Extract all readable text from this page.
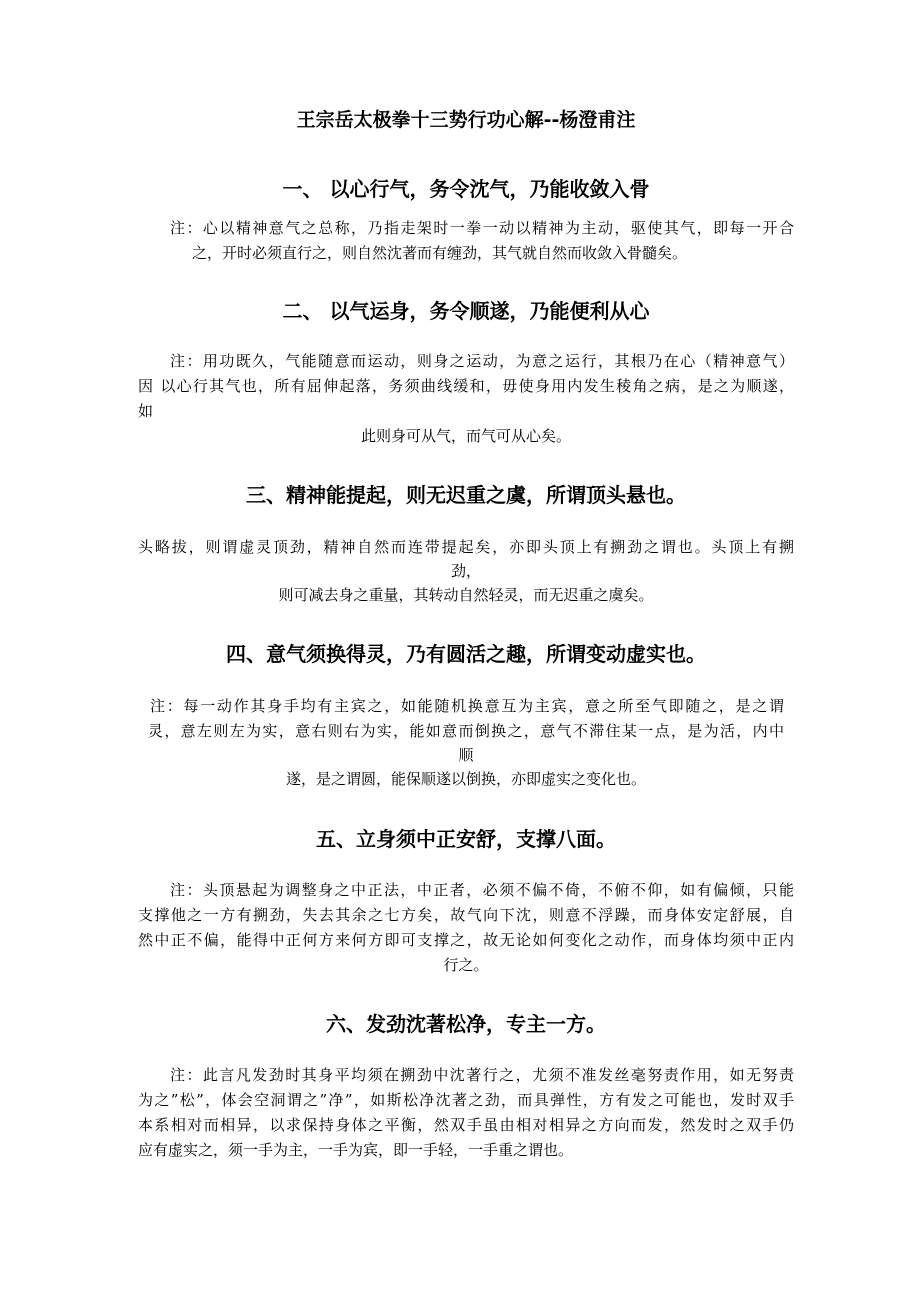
王宗岳太极拳十三势行功心解--杨澄甫注
一、 以心行气，务令沈气，乃能收敛入骨
注：心以精神意气之总称，乃指走架时一拳一动以精神为主动，驱使其气，即每一开合
之，开时必须直行之，则自然沈著而有缠劲，其气就自然而收敛入骨髓矣。
二、 以气运身，务令顺遂，乃能便利从心
注：用功既久，气能随意而运动，则身之运动，为意之运行，其根乃在心（精神意气）
因 以心行其气也，所有屈伸起落，务须曲线缓和，毋使身用内发生稜角之病，是之为顺遂，
如
此则身可从气，而气可从心矣。
三、精神能提起，则无迟重之虞，所谓顶头悬也。
头略拔，则谓虚灵顶劲，精神自然而连带提起矣，亦即头顶上有搠劲之谓也。头顶上有搠
劲，
则可减去身之重量，其转动自然轻灵，而无迟重之虞矣。
四、意气须换得灵，乃有圆活之趣，所谓变动虚实也。
注：每一动作其身手均有主宾之，如能随机换意互为主宾，意之所至气即随之，是之谓
灵，意左则左为实，意右则右为实，能如意而倒换之，意气不滞住某一点，是为活，内中
顺
遂，是之谓圆，能保顺遂以倒换，亦即虚实之变化也。
五、立身须中正安舒，支撑八面。
注：头顶悬起为调整身之中正法，中正者，必须不偏不倚，不俯不仰，如有偏倾，只能
支撑他之一方有搠劲，失去其余之七方矣，故气向下沈，则意不浮躁，而身体安定舒展，自
然中正不偏，能得中正何方来何方即可支撑之，故无论如何变化之动作，而身体均须中正内
行之。
六、发劲沈著松净，专主一方。
注：此言凡发劲时其身平均须在搠劲中沈著行之，尤须不准发丝毫努责作用，如无努责
为之”松”，体会空洞谓之”净”，如斯松净沈著之劲，而具弹性，方有发之可能也，发时双手
本系相对而相异，以求保持身体之平衡，然双手虽由相对相异之方向而发，然发时之双手仍
应有虚实之，须一手为主，一手为宾，即一手轻，一手重之谓也。
